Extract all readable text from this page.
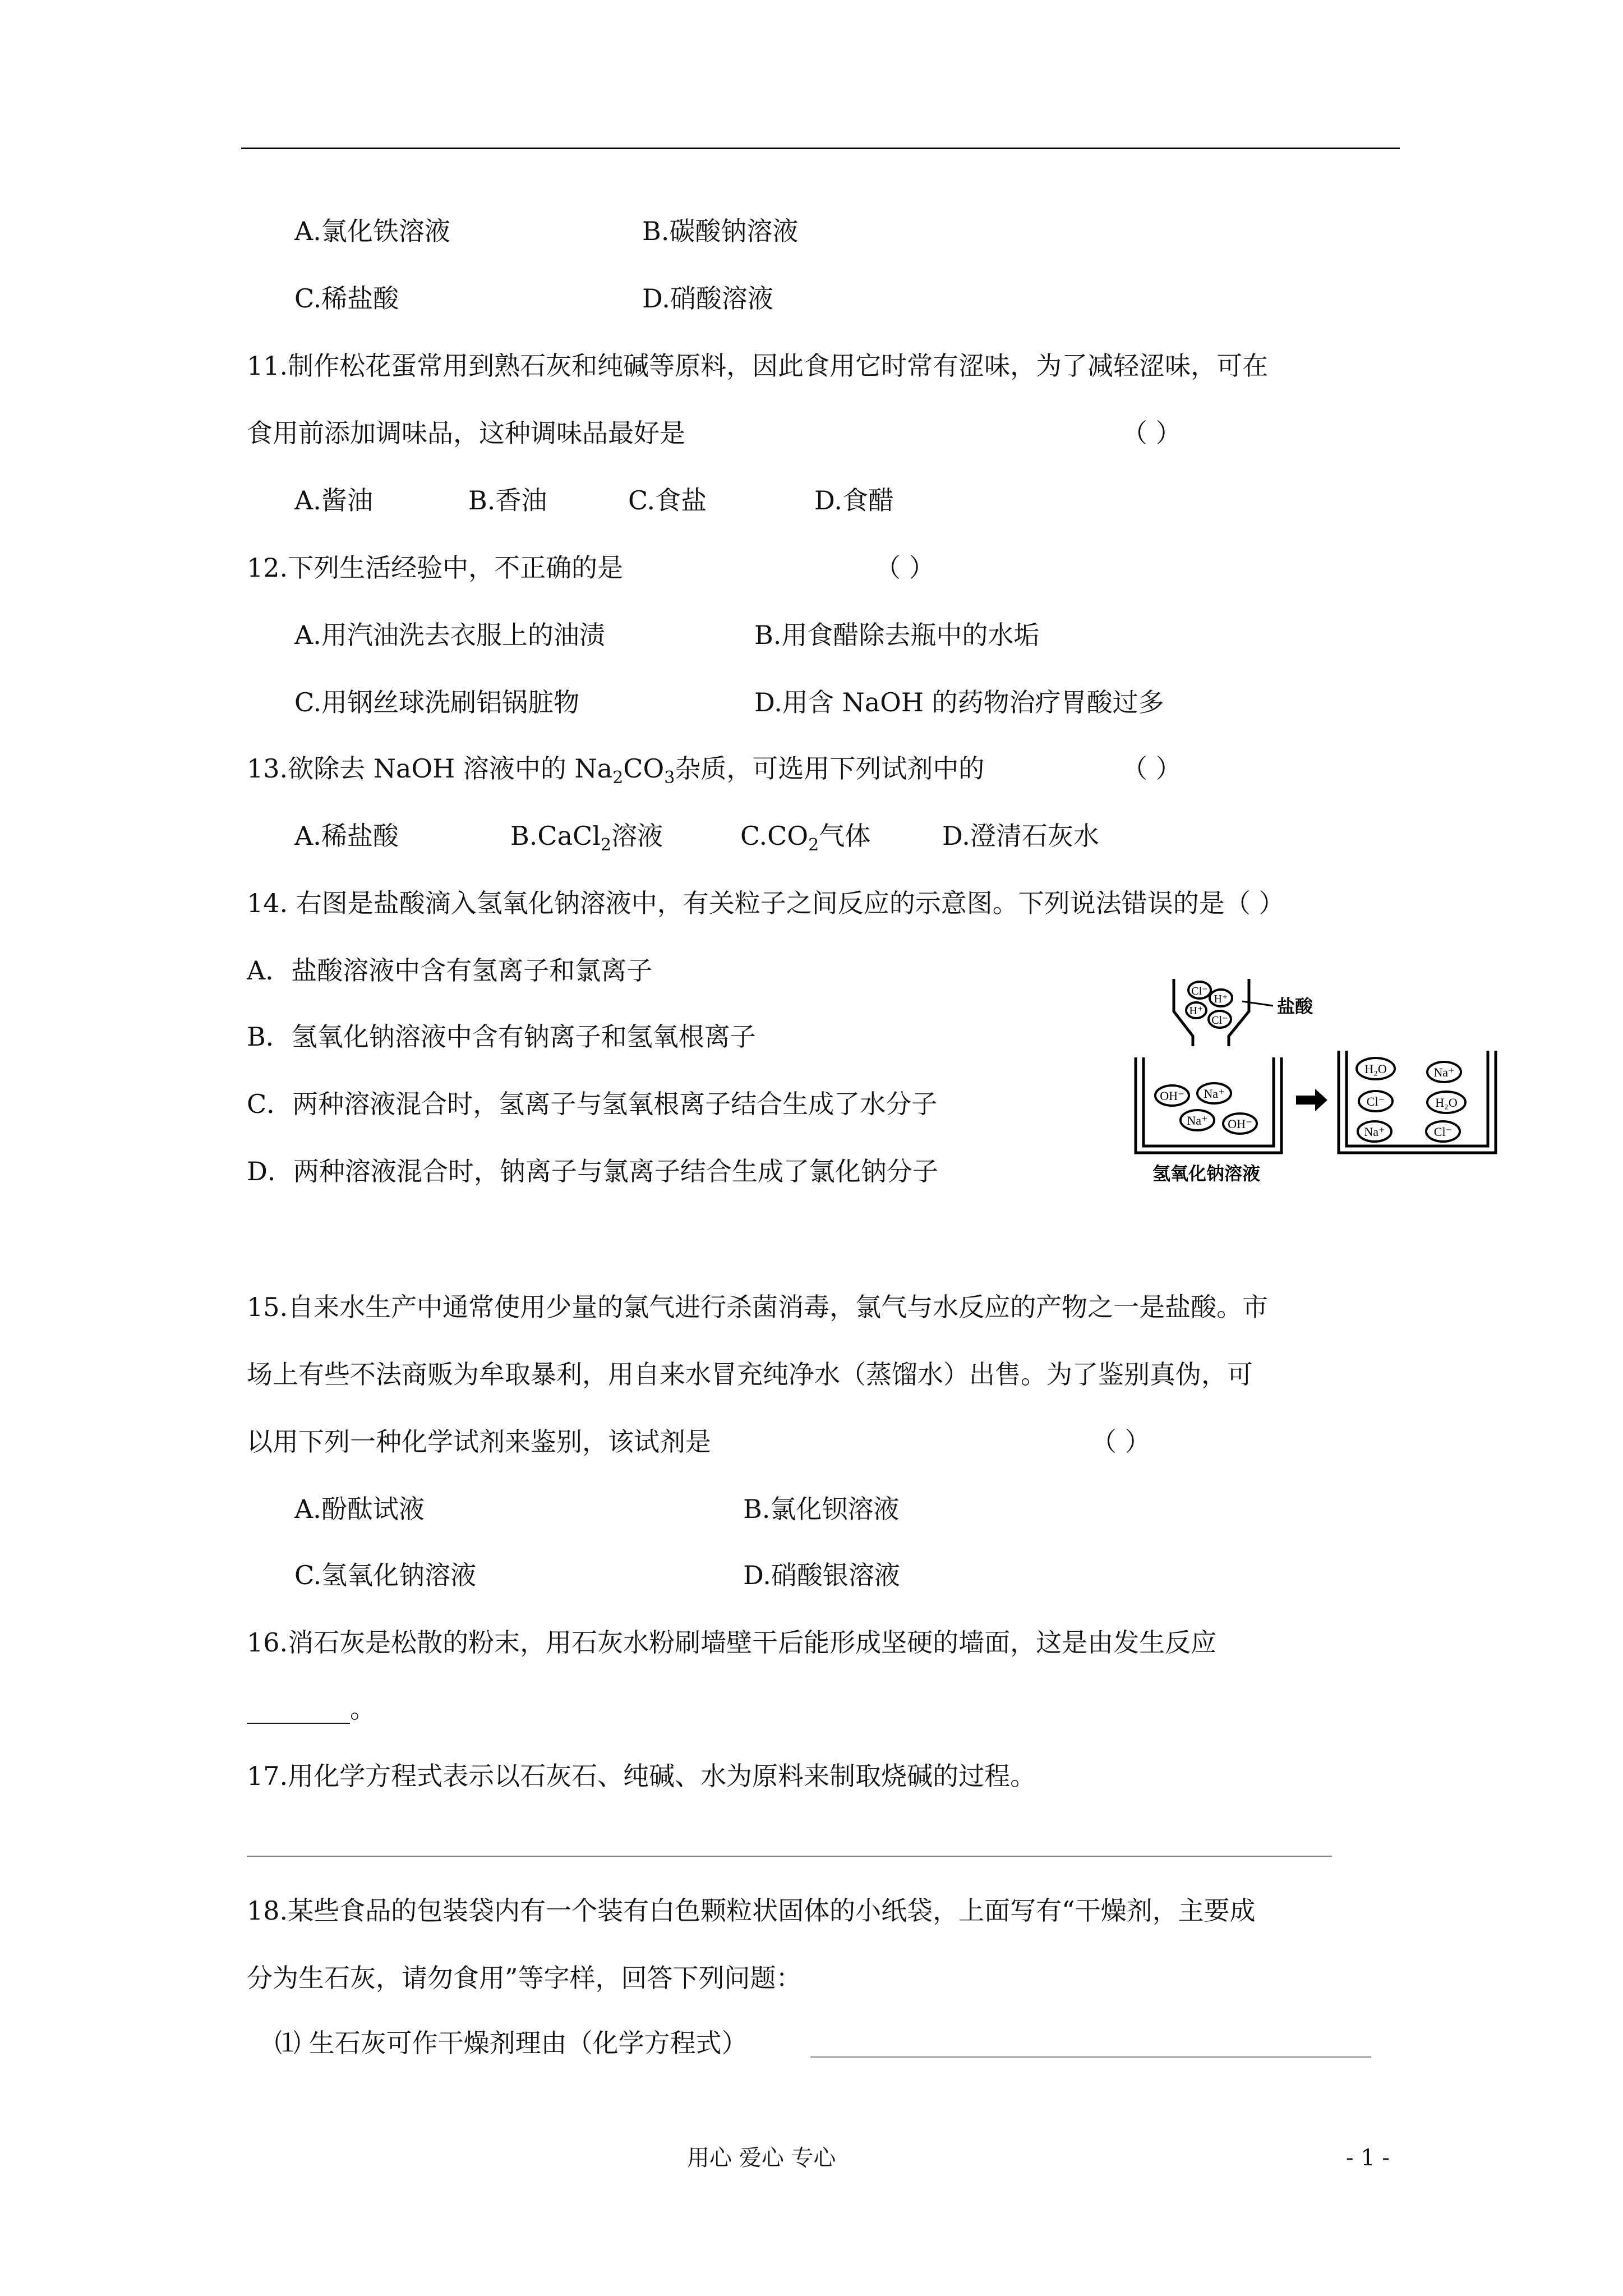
A.氯化铁溶液	B.碳酸钠溶液
C.稀盐酸	D.硝酸溶液
11.制作松花蛋常用到熟石灰和纯碱等原料，因此食用它时常有涩味，为了减轻涩味，可在
食用前添加调味品，这种调味品最好是	（ ）
A.酱油	B.香油	C.食盐	D.食醋
12.下列生活经验中，不正确的是	（ ）
A.用汽油洗去衣服上的油渍	B.用食醋除去瓶中的水垢
C.用钢丝球洗刷铝锅脏物	D.用含 NaOH 的药物治疗胃酸过多
13.欲除去 NaOH 溶液中的 $Na_2CO_3$杂质，可选用下列试剂中的	（ ）
A.稀盐酸	B.CaCl$_2$溶液	$C.CO_2$气体	D.澄清石灰水
14. 右图是盐酸滴入氢氧化钠溶液中，有关粒子之间反应的示意图。下列说法错误的是（ ）
A．盐酸溶液中含有氢离子和氯离子
B．氢氧化钠溶液中含有钠离子和氢氧根离子
C．两种溶液混合时，氢离子与氢氧根离子结合生成了水分子
D．两种溶液混合时，钠离子与氯离子结合生成了氯化钠分子
Cl⁻
H⁺
H⁺
Cl⁻
盐酸
OH⁻ Na⁺
Na⁺ OH⁻
氢氧化钠溶液
H₂O	Na⁺
Cl⁻	H₂O
Na⁺	Cl⁻
15.自来水生产中通常使用少量的氯气进行杀菌消毒，氯气与水反应的产物之一是盐酸。市
场上有些不法商贩为牟取暴利，用自来水冒充纯净水（蒸馏水）出售。为了鉴别真伪，可
以用下列一种化学试剂来鉴别，该试剂是	（ ）
A.酚酞试液	B.氯化钡溶液
C.氢氧化钠溶液	D.硝酸银溶液
16.消石灰是松散的粉末，用石灰水粉刷墙壁干后能形成坚硬的墙面，这是由发生反应
________。
17.用化学方程式表示以石灰石、纯碱、水为原料来制取烧碱的过程。
18.某些食品的包装袋内有一个装有白色颗粒状固体的小纸袋，上面写有“干燥剂，主要成
分为生石灰，请勿食用”等字样，回答下列问题：
⑴ 生石灰可作干燥剂理由（化学方程式）
用心 爱心 专心	- 1 -
